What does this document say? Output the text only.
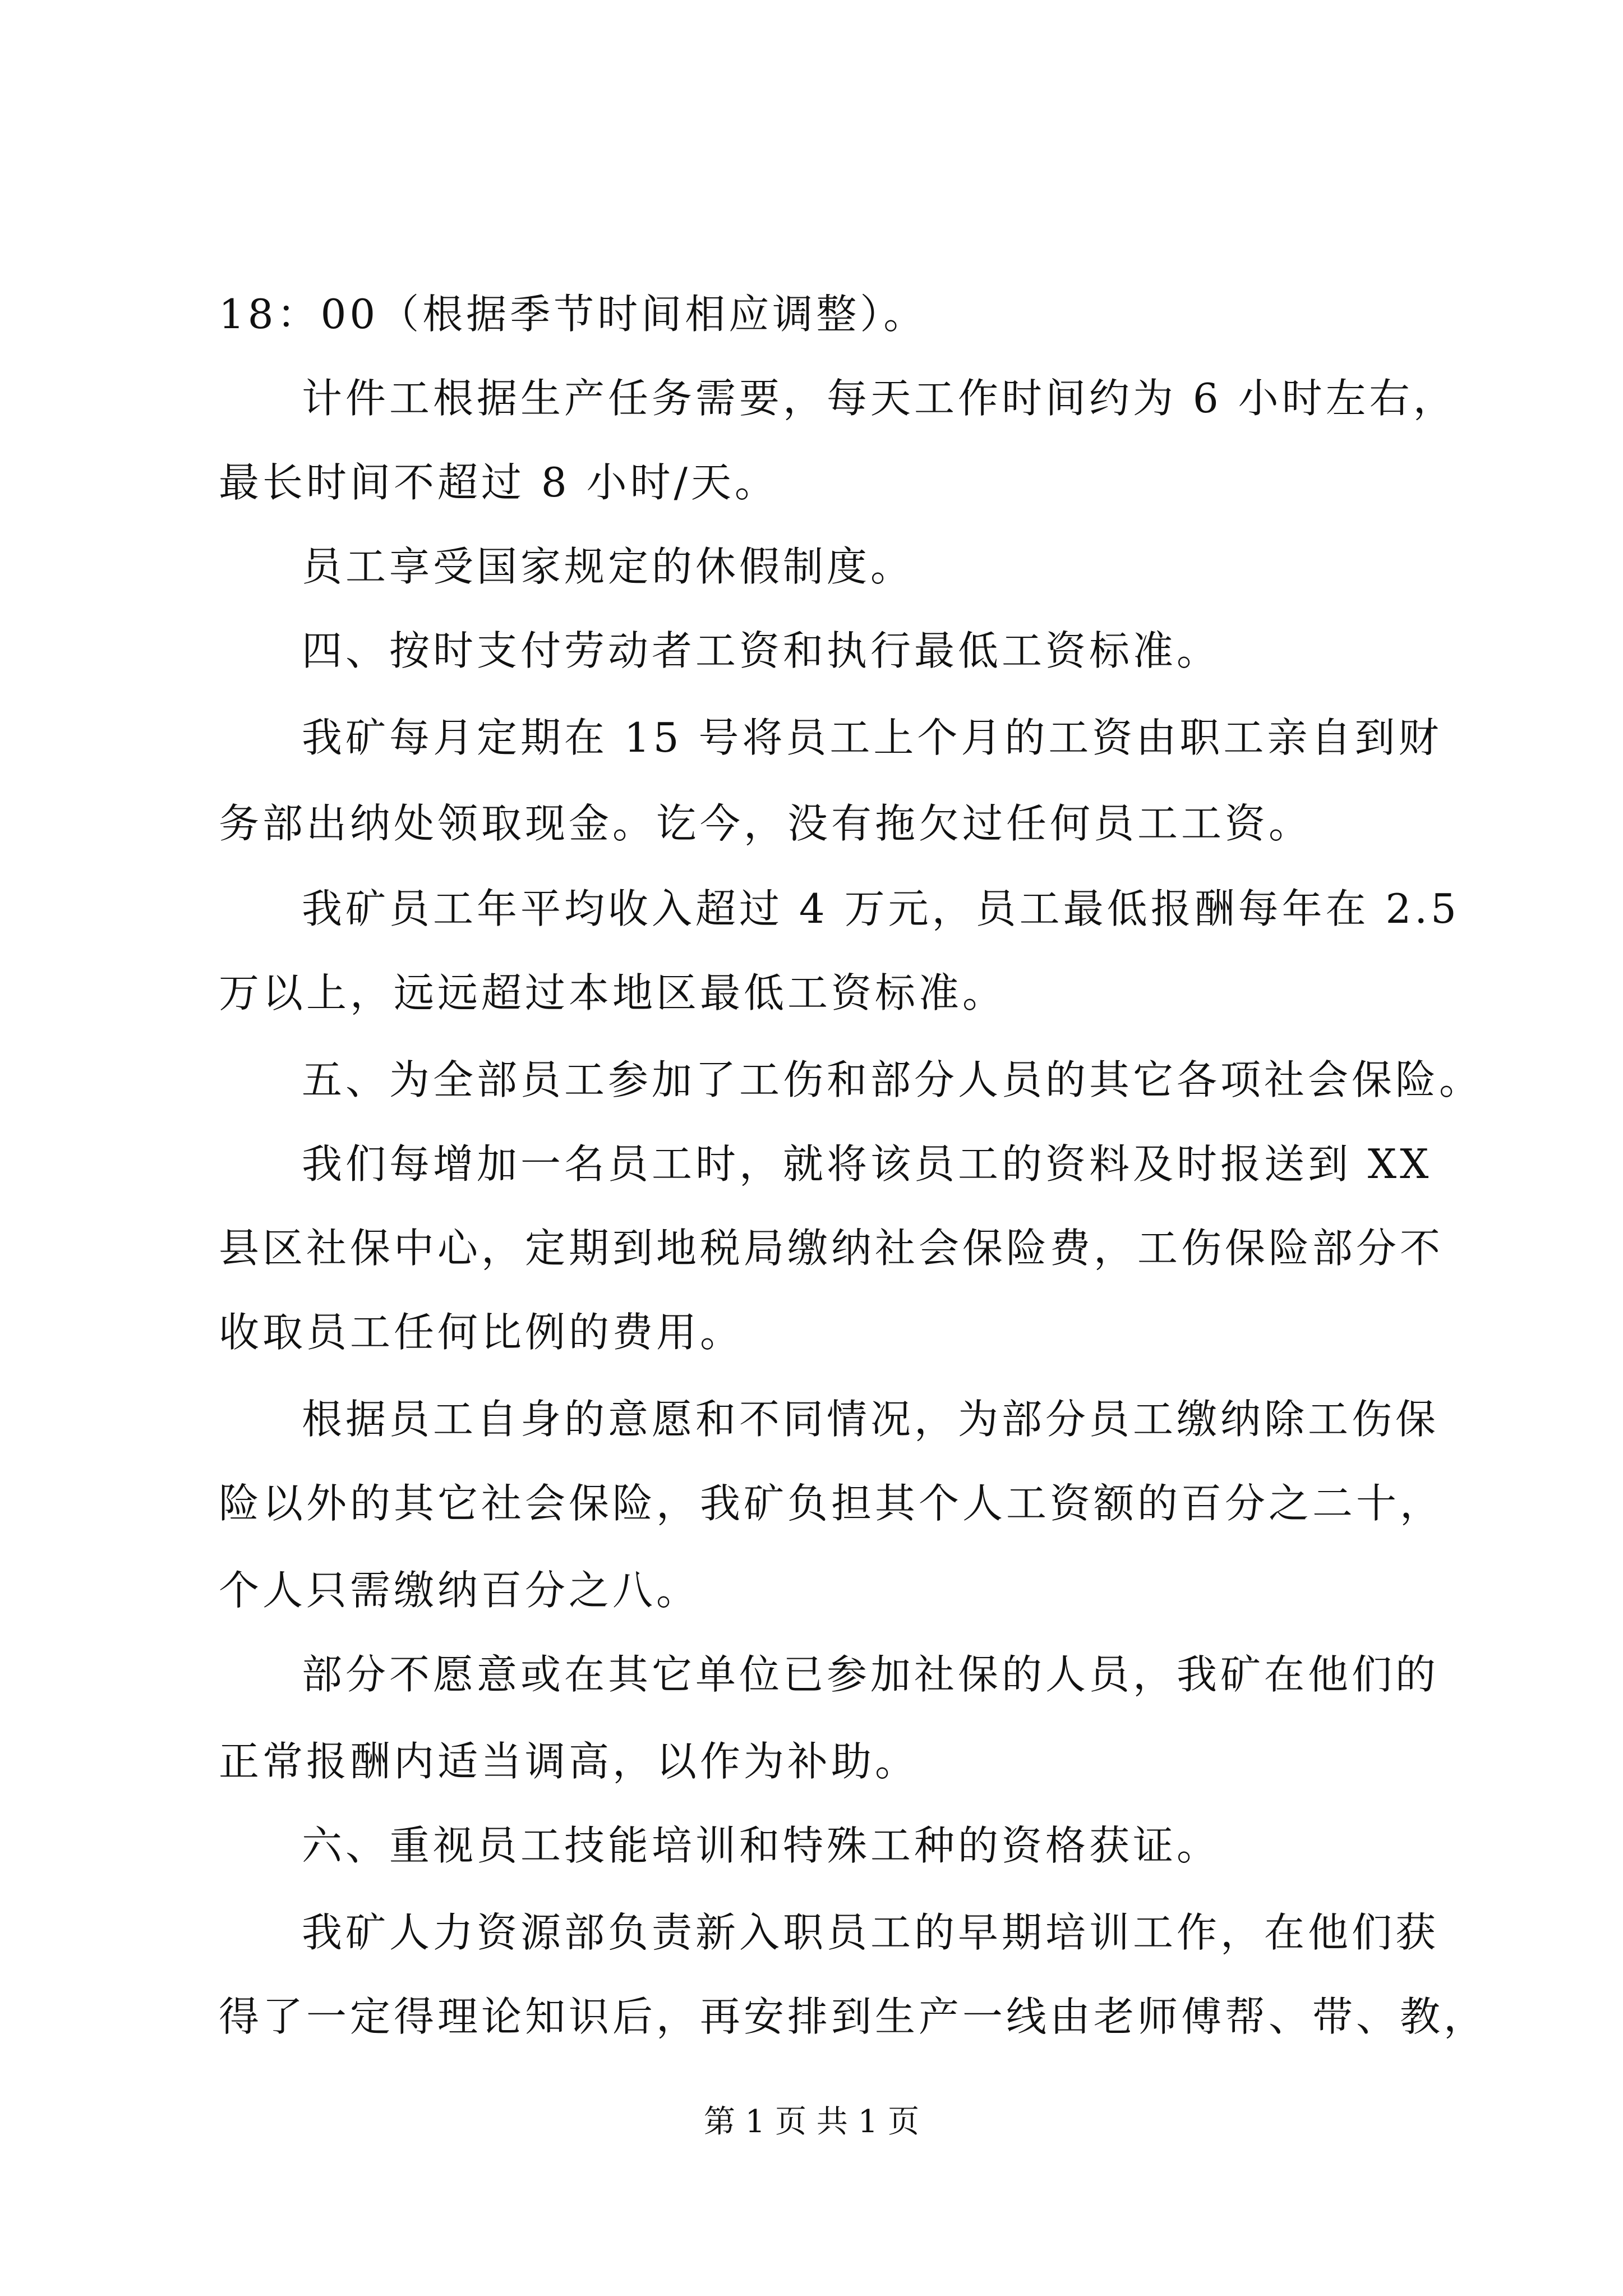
18：00（根据季节时间相应调整）。
计件工根据生产任务需要，每天工作时间约为 6 小时左右，
最长时间不超过 8 小时/天。
员工享受国家规定的休假制度。
四、按时支付劳动者工资和执行最低工资标准。
我矿每月定期在 15 号将员工上个月的工资由职工亲自到财
务部出纳处领取现金。讫今，没有拖欠过任何员工工资。
我矿员工年平均收入超过 4 万元，员工最低报酬每年在 2.5
万以上，远远超过本地区最低工资标准。
五、为全部员工参加了工伤和部分人员的其它各项社会保险。
我们每增加一名员工时，就将该员工的资料及时报送到 XX
县区社保中心，定期到地税局缴纳社会保险费，工伤保险部分不
收取员工任何比例的费用。
根据员工自身的意愿和不同情况，为部分员工缴纳除工伤保
险以外的其它社会保险，我矿负担其个人工资额的百分之二十，
个人只需缴纳百分之八。
部分不愿意或在其它单位已参加社保的人员，我矿在他们的
正常报酬内适当调高，以作为补助。
六、重视员工技能培训和特殊工种的资格获证。
我矿人力资源部负责新入职员工的早期培训工作，在他们获
得了一定得理论知识后，再安排到生产一线由老师傅帮、带、教，
第 1 页 共 1 页
